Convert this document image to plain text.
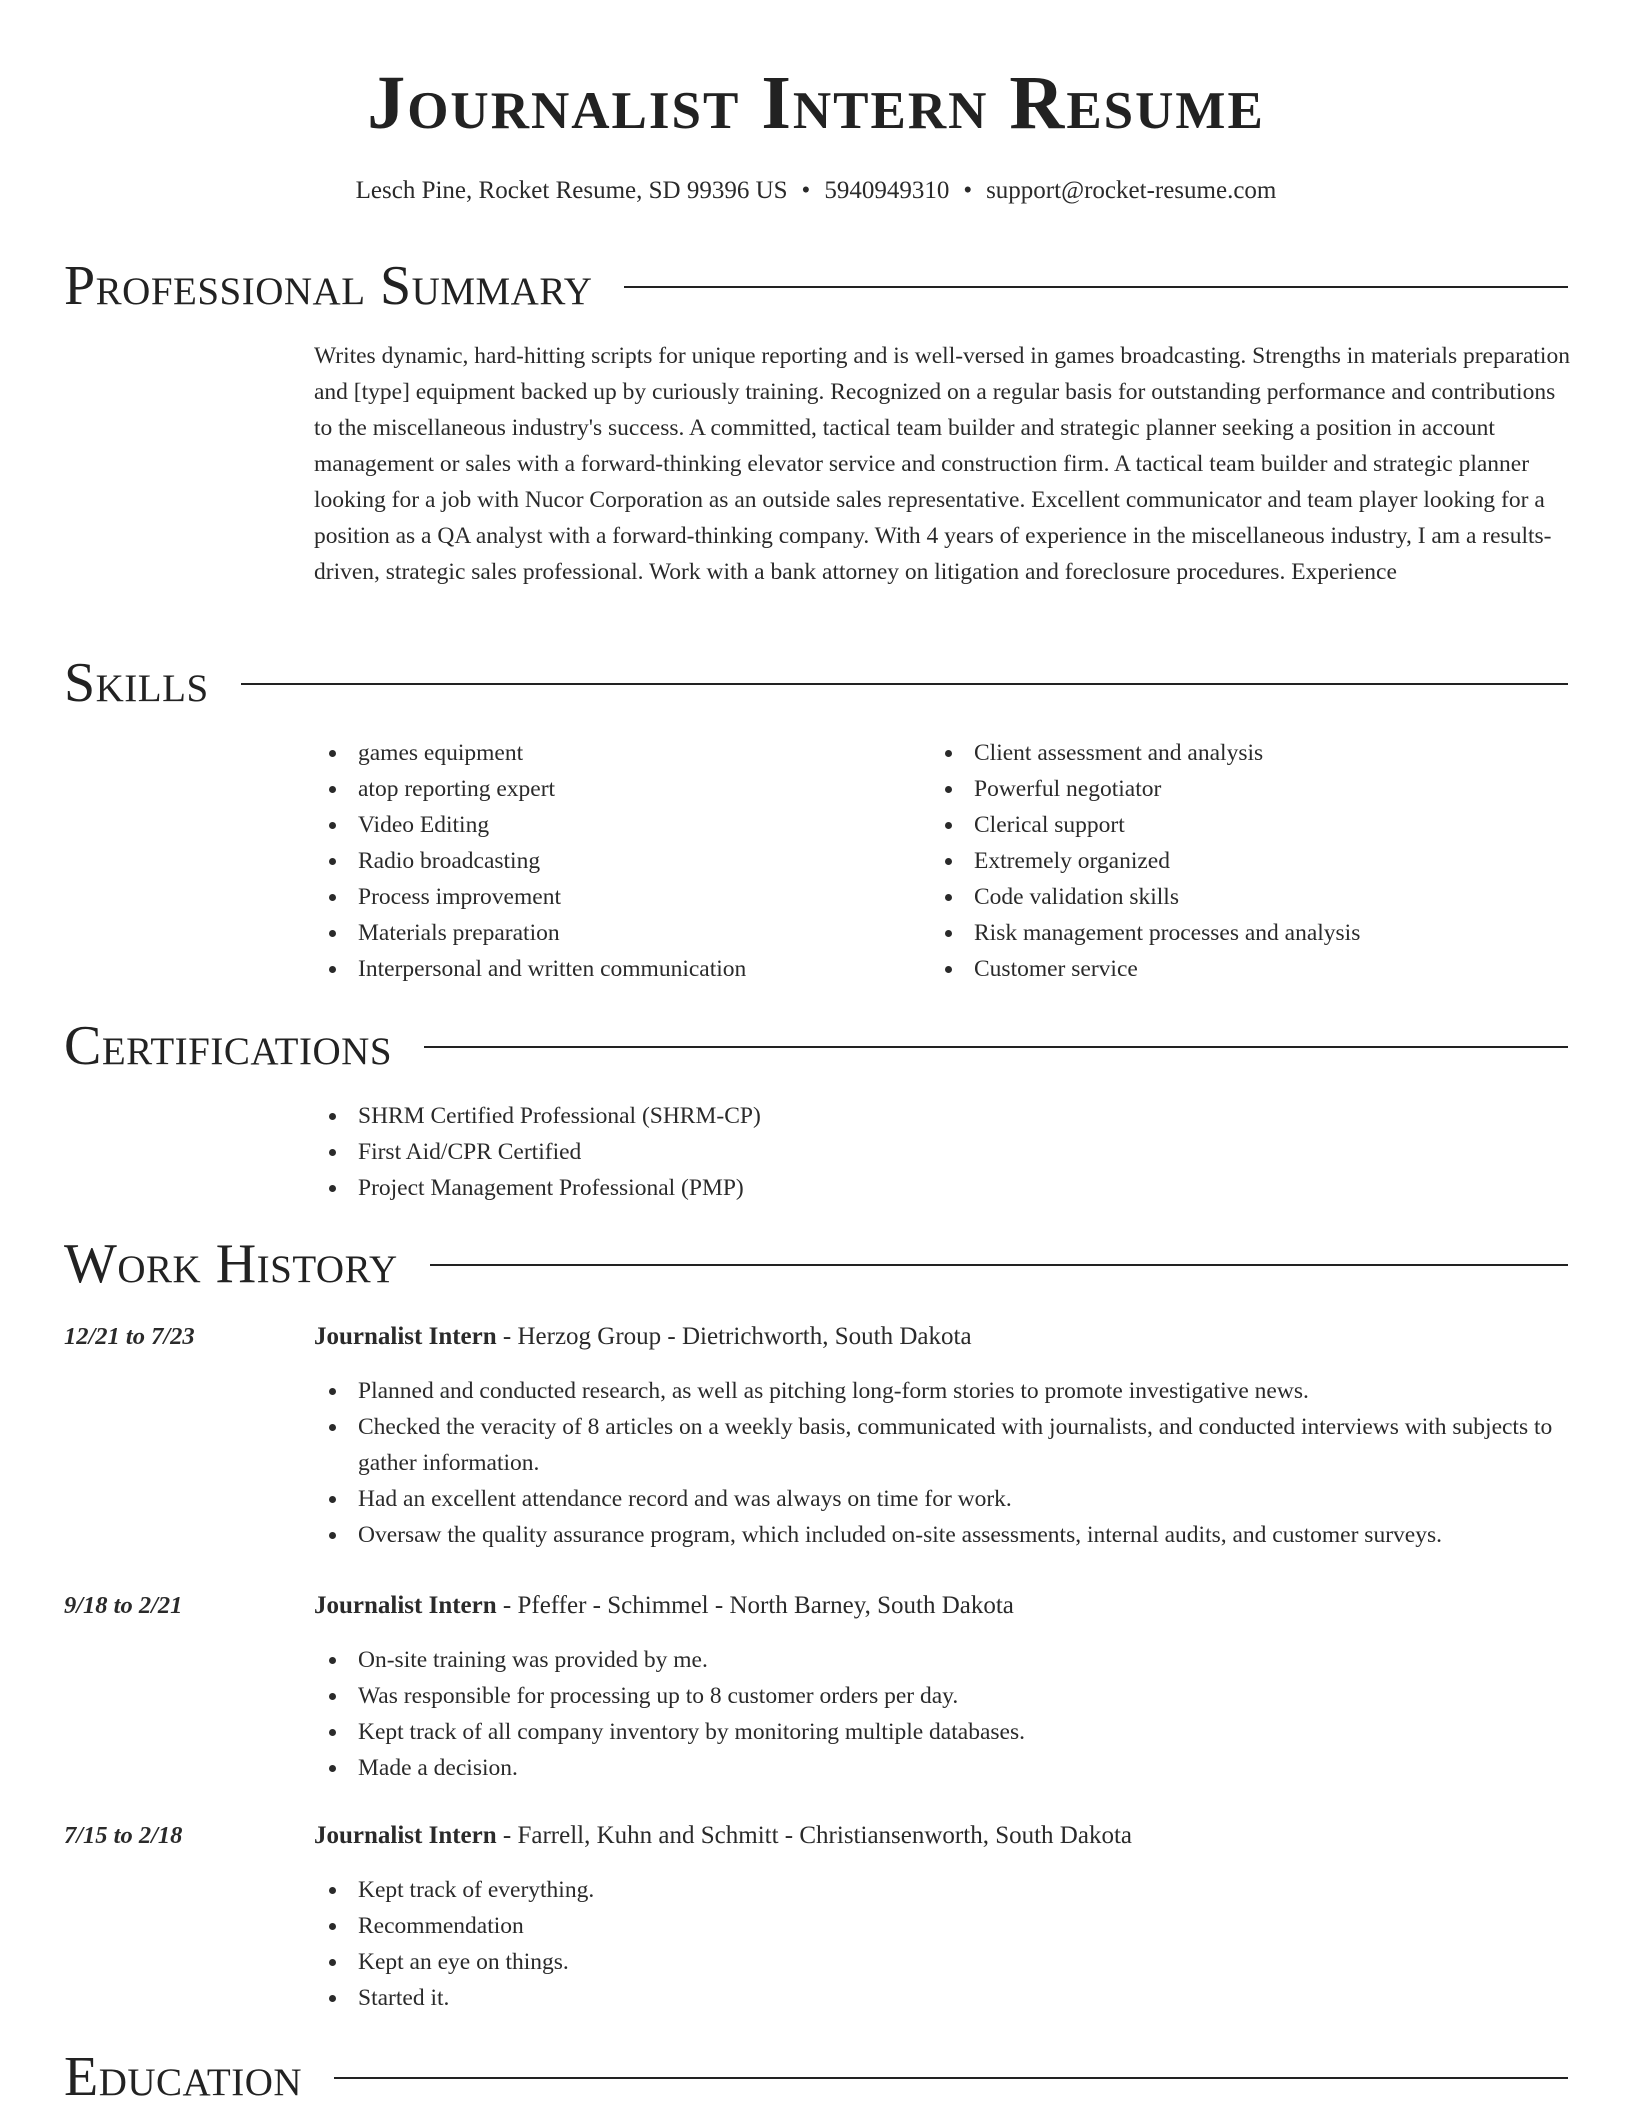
Journalist Intern Resume
Lesch Pine, Rocket Resume, SD 99396 US • 5940949310 • support@rocket-resume.com
Professional Summary

Writes dynamic, hard-hitting scripts for unique reporting and is well-versed in games broadcasting. Strengths in materials preparation and [type] equipment backed up by curiously training. Recognized on a regular basis for outstanding performance and contributions to the miscellaneous industry's success. A committed, tactical team builder and strategic planner seeking a position in account management or sales with a forward-thinking elevator service and construction firm. A tactical team builder and strategic planner looking for a job with Nucor Corporation as an outside sales representative. Excellent communicator and team player looking for a position as a QA analyst with a forward-thinking company. With 4 years of experience in the miscellaneous industry, I am a results-driven, strategic sales professional. Work with a bank attorney on litigation and foreclosure procedures. Experience

Skills
games equipment
atop reporting expert
Video Editing
Radio broadcasting
Process improvement
Materials preparation
Interpersonal and written communication
Client assessment and analysis
Powerful negotiator
Clerical support
Extremely organized
Code validation skills
Risk management processes and analysis
Customer service
Certifications
SHRM Certified Professional (SHRM-CP)
First Aid/CPR Certified
Project Management Professional (PMP)
Work History
12/21 to 7/23	Journalist Intern - Herzog Group - Dietrichworth, South Dakota
Planned and conducted research, as well as pitching long-form stories to promote investigative news.
Checked the veracity of 8 articles on a weekly basis, communicated with journalists, and conducted interviews with subjects to gather information.
Had an excellent attendance record and was always on time for work.
Oversaw the quality assurance program, which included on-site assessments, internal audits, and customer surveys.
9/18 to 2/21	Journalist Intern - Pfeffer - Schimmel - North Barney, South Dakota
On-site training was provided by me.
Was responsible for processing up to 8 customer orders per day.
Kept track of all company inventory by monitoring multiple databases.
Made a decision.
7/15 to 2/18	Journalist Intern - Farrell, Kuhn and Schmitt - Christiansenworth, South Dakota
Kept track of everything.
Recommendation
Kept an eye on things.
Started it.
Education
